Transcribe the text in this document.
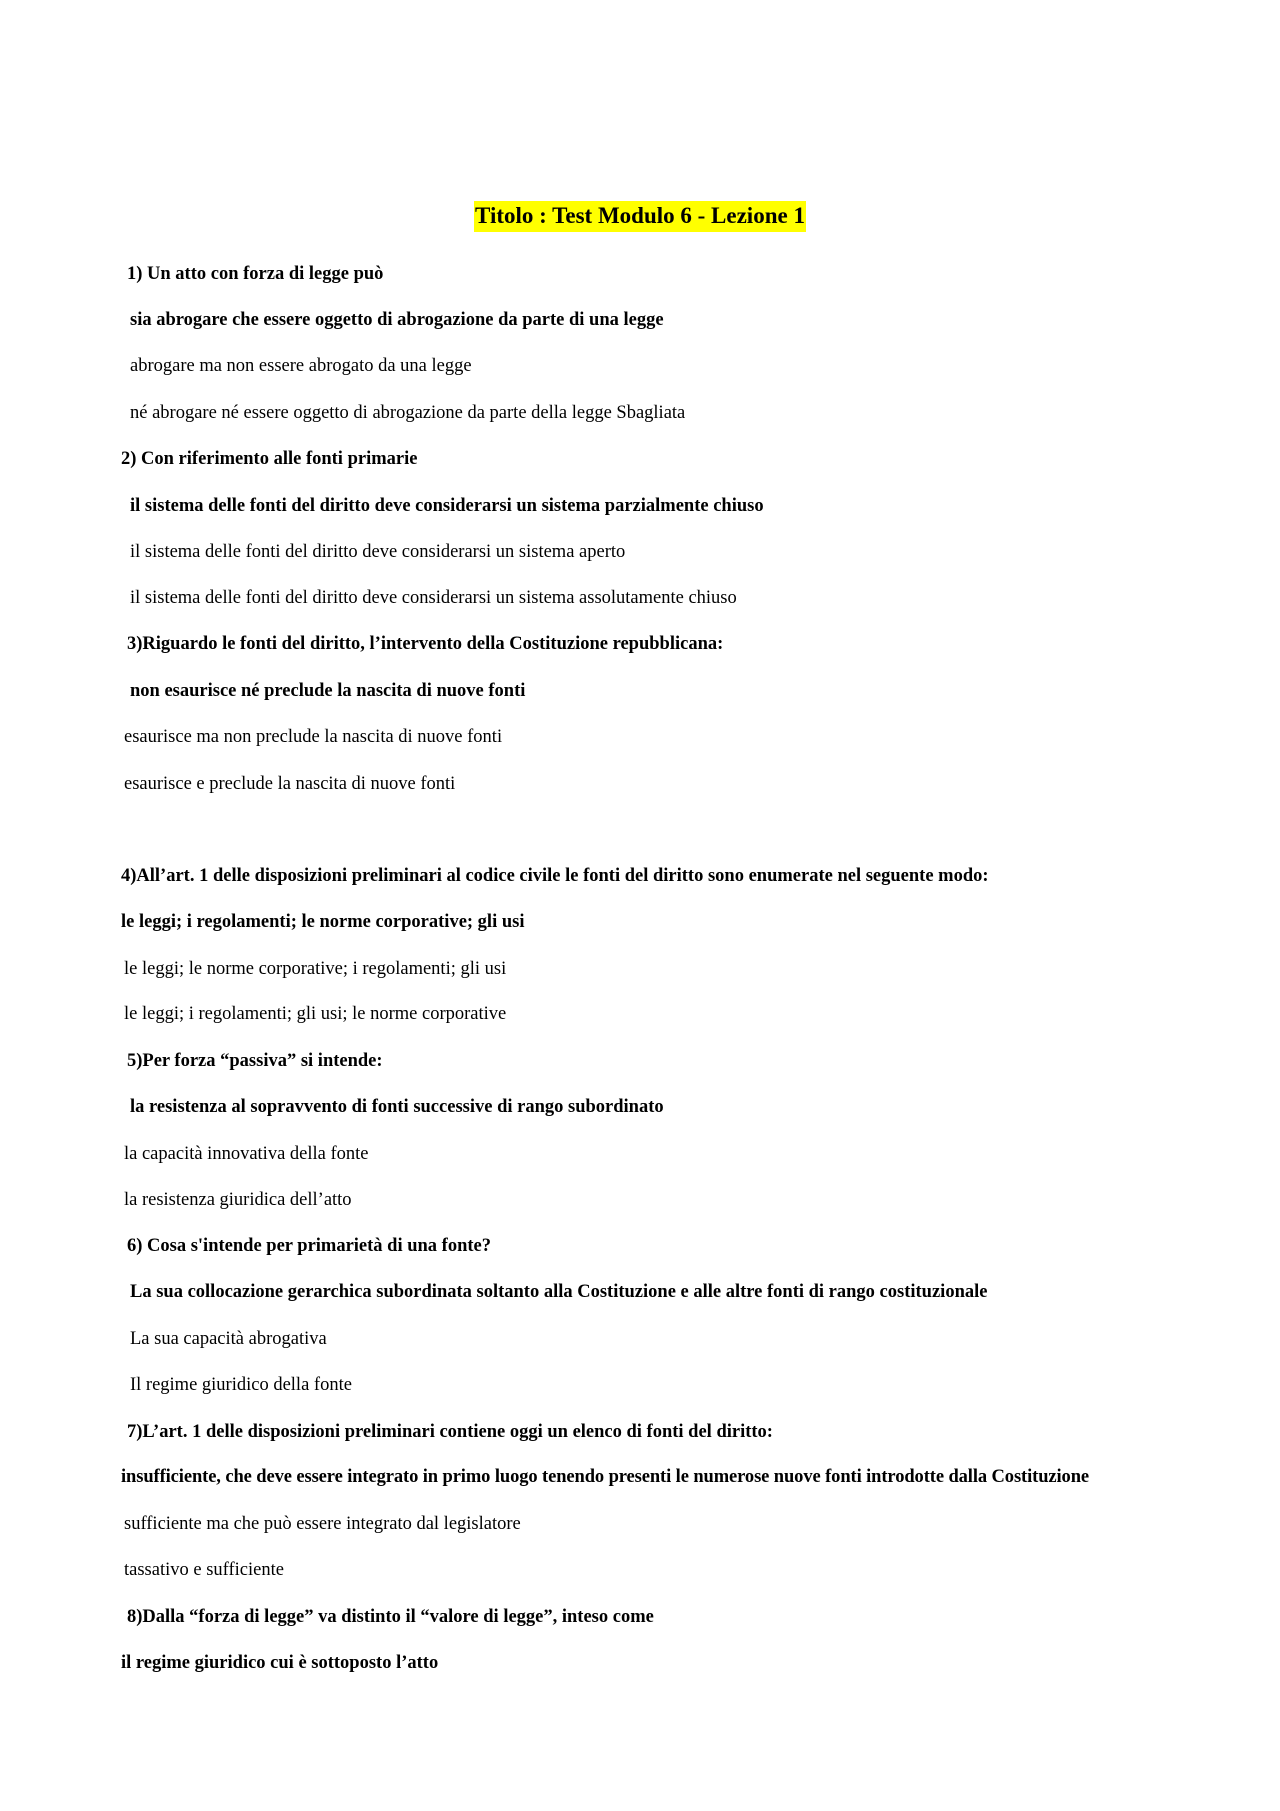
Titolo : Test Modulo 6 - Lezione 1
1) Un atto con forza di legge può
sia abrogare che essere oggetto di abrogazione da parte di una legge
abrogare ma non essere abrogato da una legge
né abrogare né essere oggetto di abrogazione da parte della legge Sbagliata
2) Con riferimento alle fonti primarie
il sistema delle fonti del diritto deve considerarsi un sistema parzialmente chiuso
il sistema delle fonti del diritto deve considerarsi un sistema aperto
il sistema delle fonti del diritto deve considerarsi un sistema assolutamente chiuso
3)Riguardo le fonti del diritto, l’intervento della Costituzione repubblicana:
non esaurisce né preclude la nascita di nuove fonti
esaurisce ma non preclude la nascita di nuove fonti
esaurisce e preclude la nascita di nuove fonti
4)All’art. 1 delle disposizioni preliminari al codice civile le fonti del diritto sono enumerate nel seguente modo:
le leggi; i regolamenti; le norme corporative; gli usi
le leggi; le norme corporative; i regolamenti; gli usi
le leggi; i regolamenti; gli usi; le norme corporative
5)Per forza “passiva” si intende:
la resistenza al sopravvento di fonti successive di rango subordinato
la capacità innovativa della fonte
la resistenza giuridica dell’atto
6) Cosa s'intende per primarietà di una fonte?
La sua collocazione gerarchica subordinata soltanto alla Costituzione e alle altre fonti di rango costituzionale
La sua capacità abrogativa
Il regime giuridico della fonte
7)L’art. 1 delle disposizioni preliminari contiene oggi un elenco di fonti del diritto:
insufficiente, che deve essere integrato in primo luogo tenendo presenti le numerose nuove fonti introdotte dalla Costituzione
sufficiente ma che può essere integrato dal legislatore
tassativo e sufficiente
8)Dalla “forza di legge” va distinto il “valore di legge”, inteso come
il regime giuridico cui è sottoposto l’atto
